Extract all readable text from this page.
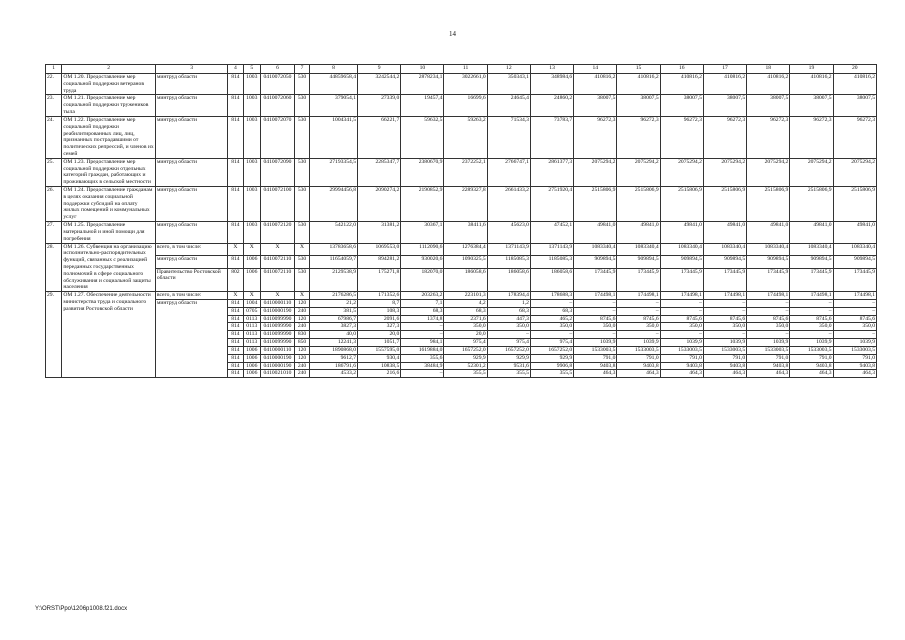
14
1	2	3	4	5	6	7	8	9	10	11	12	13	14	15	16	17	18	19	20
22.	ОМ 1.20. Предоставление мер социальной поддержки ветеранов труда	минтруд области	814	1003	0410072050	530	44859658,4	3242544,2	2878234,1	3022661,0	350343,1	348984,6	410816,2	410816,2	410816,2	410816,2	410816,2	410816,2	410816,2
23.	ОМ 1.21. Предоставление мер социальной поддержки тружеников тыла	минтруд области	814	1003	0410072060	530	379054,1	27339,0	19457,4	16699,6	24645,4	24860,2	38007,5	38007,5	38007,5	38007,5	38007,5	38007,5	38007,5
24.	ОМ 1.22. Предоставление мер социальной поддержки реабилитированных лиц, лиц, признанных пострадавшими от политических репрессий, и членов их семей	минтруд области	814	1003	0410072070	530	1004341,5	66221,7	59632,5	59263,2	71534,3	73783,7	96272,3	96272,3	96272,3	96272,3	96272,3	96272,3	96272,3
25.	ОМ 1.23. Предоставление мер социальной поддержки отдельных категорий граждан, работающих и проживающих в сельской местности	минтруд области	814	1003	0410072090	530	27193354,5	2285347,7	2380670,9	2372252,1	2766747,1	2861377,3	2075294,2	2075294,2	2075294,2	2075294,2	2075294,2	2075294,2	2075294,2
26.	ОМ 1.24. Предоставление гражданам в целях оказания социальной поддержки субсидий на оплату жилых помещений и коммунальных услуг	минтруд области	814	1003	0410072100	530	29994456,8	2090274,2	2190852,9	2289327,8	2661433,2	2751920,4	2515806,9	2515806,9	2515806,9	2515806,9	2515806,9	2515806,9	2515806,9
27.	ОМ 1.25. Предоставление материальной и иной помощи для погребения	минтруд области	814	1003	0410072120	530	542122,0	31381,2	30367,1	38411,6	45623,0	47452,1	49841,0	49841,0	49841,0	49841,0	49841,0	49841,0	49841,0
28.	ОМ 1.26. Субвенция на организацию исполнительно-распорядительных функций, связанных с реализацией переданных государственных полномочий в сфере социального обслуживания и социальной защиты населения	всего, в том числе:	X	X	X	X	13783658,6	1069553,0	1112090,6	1276384,4	1371143,9	1371143,9	1083340,4	1083340,4	1083340,4	1083340,4	1083340,4	1083340,4	1083340,4
		минтруд области	814	1006	0410072110	530	11654059,7	894281,2	930020,6	1090325,5	1185085,3	1185085,3	909894,5	909894,5	909894,5	909894,5	909894,5	909894,5	909894,5
		Правительство Ростовской области	802	1006	0410072110	530	2129538,9	175271,8	182070,0	186058,6	186058,6	186058,6	173445,9	173445,9	173445,9	173445,9	173445,9	173445,9	173445,9
29.	ОМ 1.27. Обеспечение деятельности министерства труда и социального развития Ростовской области	всего, в том числе:	X	X	X	X	2176286,5	171352,6	203263,2	223101,3	178394,4	178688,3	174498,1	174498,1	174498,1	174498,1	174498,1	174498,1	174498,1
		минтруд области	814	1004	0410000110	120	21,2	8,7	7,1	4,2	1,2	–	–	–	–	–	–	–	–
			814	0705	0410000190	240	381,5	108,3	68,3	68,3	68,3	68,3	–	–	–	–	–	–	–
			814	0113	0410099990	120	67986,7	2091,6	1374,8	2371,6	447,3	465,2	8745,6	8745,6	8745,6	8745,6	8745,6	8745,6	8745,6
			814	0113	0410099990	240	3827,3	327,3	–	350,0	350,0	350,0	350,0	350,0	350,0	350,0	350,0	350,0	350,0
			814	0113	0410099990	830	40,0	20,0	–	20,0	–	–	–	–	–	–	–	–	–
			814	0113	0410099990	850	12241,3	1051,7	984,1	975,4	975,4	975,4	1039,9	1039,9	1039,9	1039,9	1039,9	1039,9	1039,9
			814	1006	0410000110	120	1890868,0	1557595,0	1619884,0	1657252,0	1657252,0	1657252,0	1533003,5	1533003,5	1533003,5	1533003,5	1533003,5	1533003,5	1533003,5
			814	1006	0410000190	120	9612,7	930,4	355,6	929,9	929,9	929,9	791,0	791,0	791,0	791,0	791,0	791,0	791,0
			814	1006	0410000190	240	186791,6	10838,5	38484,9	52301,2	9531,6	9906,8	9403,8	9403,8	9403,8	9403,8	9403,8	9403,8	9403,8
			814	1006	0410021010	240	4533,2	216,6	–	355,5	355,5	355,5	464,3	464,3	464,3	464,3	464,3	464,3	464,3
Y:\ORST\Ppo\1206p1008.f21.docx
